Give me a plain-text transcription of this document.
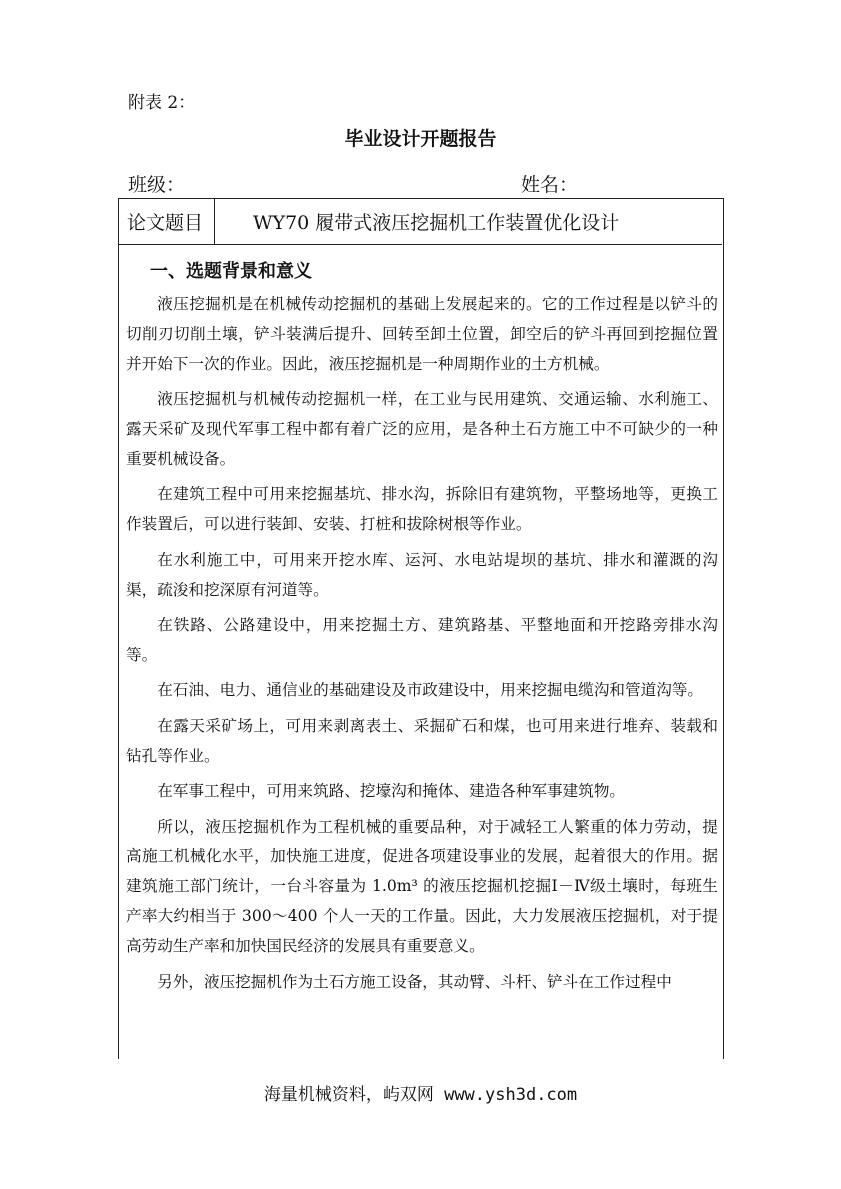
附表 2：
毕业设计开题报告
班级：	姓名：
论文题目	WY70 履带式液压挖掘机工作装置优化设计
一、选题背景和意义

液压挖掘机是在机械传动挖掘机的基础上发展起来的。它的工作过程是以铲斗的切削刃切削土壤，铲斗装满后提升、回转至卸土位置，卸空后的铲斗再回到挖掘位置并开始下一次的作业。因此，液压挖掘机是一种周期作业的土方机械。

液压挖掘机与机械传动挖掘机一样，在工业与民用建筑、交通运输、水利施工、露天采矿及现代军事工程中都有着广泛的应用，是各种土石方施工中不可缺少的一种重要机械设备。

在建筑工程中可用来挖掘基坑、排水沟，拆除旧有建筑物，平整场地等，更换工作装置后，可以进行装卸、安装、打桩和拔除树根等作业。

在水利施工中，可用来开挖水库、运河、水电站堤坝的基坑、排水和灌溉的沟渠，疏浚和挖深原有河道等。

在铁路、公路建设中，用来挖掘土方、建筑路基、平整地面和开挖路旁排水沟等。

在石油、电力、通信业的基础建设及市政建设中，用来挖掘电缆沟和管道沟等。

在露天采矿场上，可用来剥离表土、采掘矿石和煤，也可用来进行堆弃、装载和钻孔等作业。

在军事工程中，可用来筑路、挖壕沟和掩体、建造各种军事建筑物。

所以，液压挖掘机作为工程机械的重要品种，对于减轻工人繁重的体力劳动，提高施工机械化水平，加快施工进度，促进各项建设事业的发展，起着很大的作用。据建筑施工部门统计，一台斗容量为 1.0m³ 的液压挖掘机挖掘Ⅰ－Ⅳ级土壤时，每班生产率大约相当于 300～400 个人一天的工作量。因此，大力发展液压挖掘机，对于提高劳动生产率和加快国民经济的发展具有重要意义。

另外，液压挖掘机作为土石方施工设备，其动臂、斗杆、铲斗在工作过程中

海量机械资料，屿双网 www.ysh3d.com
